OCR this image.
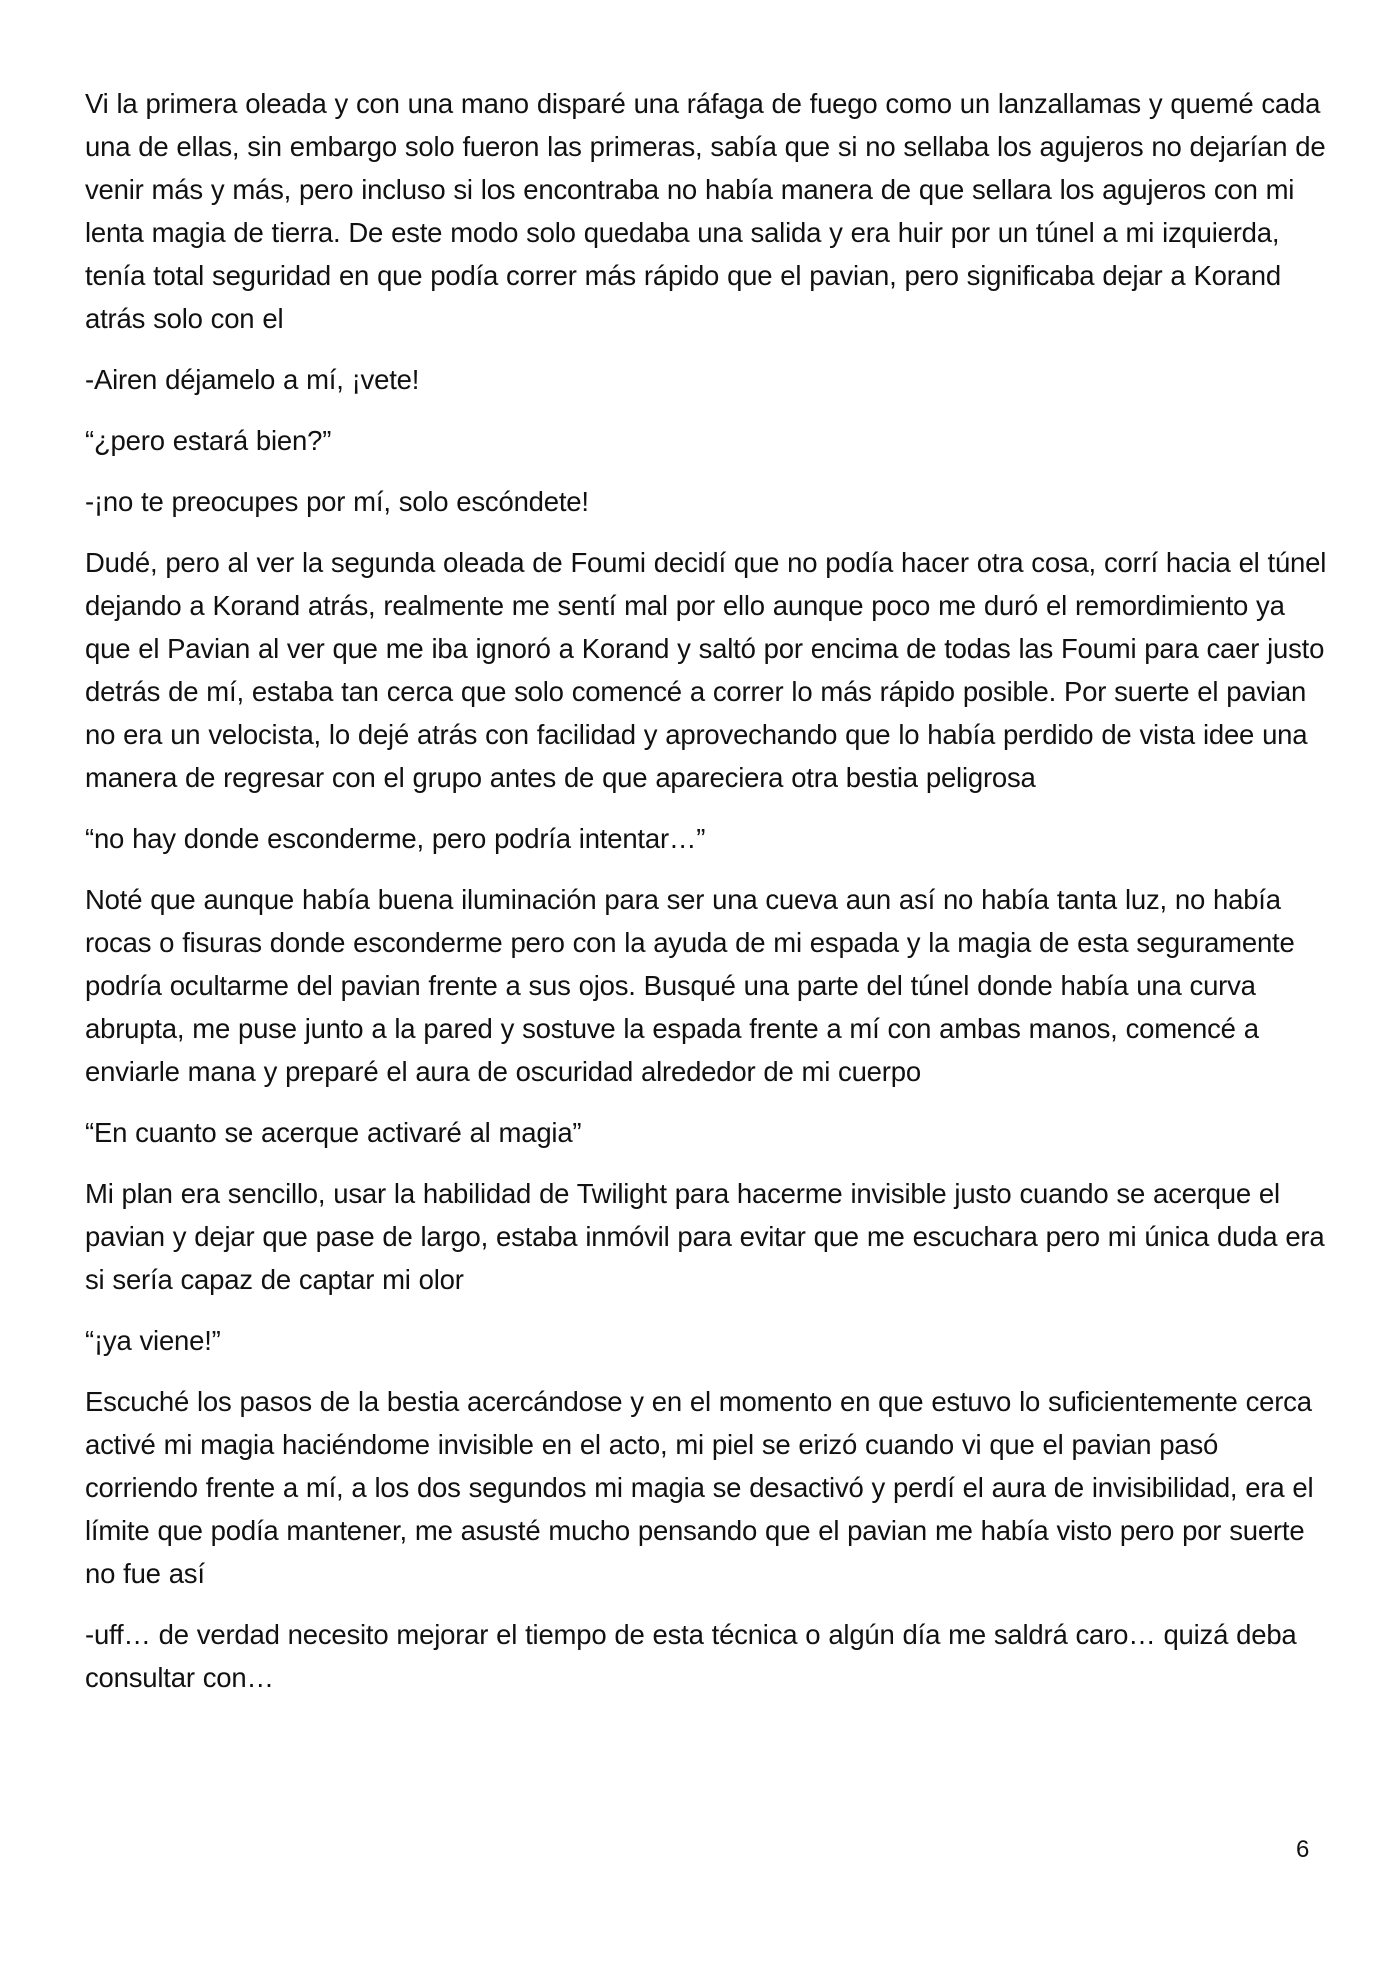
Vi la primera oleada y con una mano disparé una ráfaga de fuego como un lanzallamas y quemé cada una de ellas, sin embargo solo fueron las primeras, sabía que si no sellaba los agujeros no dejarían de venir más y más, pero incluso si los encontraba no había manera de que sellara los agujeros con mi lenta magia de tierra. De este modo solo quedaba una salida y era huir por un túnel a mi izquierda, tenía total seguridad en que podía correr más rápido que el pavian, pero significaba dejar a Korand atrás solo con el

-Airen déjamelo a mí, ¡vete!

“¿pero estará bien?”

-¡no te preocupes por mí, solo escóndete!

Dudé, pero al ver la segunda oleada de Foumi decidí que no podía hacer otra cosa, corrí hacia el túnel dejando a Korand atrás, realmente me sentí mal por ello aunque poco me duró el remordimiento ya que el Pavian al ver que me iba ignoró a Korand y saltó por encima de todas las Foumi para caer justo detrás de mí, estaba tan cerca que solo comencé a correr lo más rápido posible. Por suerte el pavian no era un velocista, lo dejé atrás con facilidad y aprovechando que lo había perdido de vista idee una manera de regresar con el grupo antes de que apareciera otra bestia peligrosa

“no hay donde esconderme, pero podría intentar…”

Noté que aunque había buena iluminación para ser una cueva aun así no había tanta luz, no había rocas o fisuras donde esconderme pero con la ayuda de mi espada y la magia de esta seguramente podría ocultarme del pavian frente a sus ojos. Busqué una parte del túnel donde había una curva abrupta, me puse junto a la pared y sostuve la espada frente a mí con ambas manos, comencé a enviarle mana y preparé el aura de oscuridad alrededor de mi cuerpo

“En cuanto se acerque activaré al magia”

Mi plan era sencillo, usar la habilidad de Twilight para hacerme invisible justo cuando se acerque el pavian y dejar que pase de largo, estaba inmóvil para evitar que me escuchara pero mi única duda era si sería capaz de captar mi olor

“¡ya viene!”

Escuché los pasos de la bestia acercándose y en el momento en que estuvo lo suficientemente cerca activé mi magia haciéndome invisible en el acto, mi piel se erizó cuando vi que el pavian pasó corriendo frente a mí, a los dos segundos mi magia se desactivó y perdí el aura de invisibilidad, era el límite que podía mantener, me asusté mucho pensando que el pavian me había visto pero por suerte no fue así

-uff… de verdad necesito mejorar el tiempo de esta técnica o algún día me saldrá caro… quizá deba consultar con…

6
